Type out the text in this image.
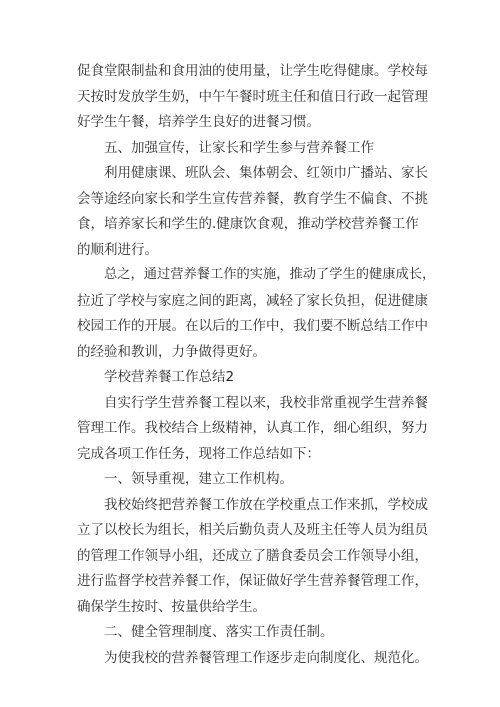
促食堂限制盐和食用油的使用量，让学生吃得健康。学校每
天按时发放学生奶，中午午餐时班主任和值日行政一起管理
好学生午餐，培养学生良好的进餐习惯。
五、加强宣传，让家长和学生参与营养餐工作
利用健康课、班队会、集体朝会、红领巾广播站、家长
会等途经向家长和学生宣传营养餐，教育学生不偏食、不挑
食，培养家长和学生的.健康饮食观，推动学校营养餐工作
的顺利进行。
总之，通过营养餐工作的实施，推动了学生的健康成长，
拉近了学校与家庭之间的距离，减轻了家长负担，促进健康
校园工作的开展。在以后的工作中，我们要不断总结工作中
的经验和教训，力争做得更好。
学校营养餐工作总结2
自实行学生营养餐工程以来，我校非常重视学生营养餐
管理工作。我校结合上级精神，认真工作，细心组织，努力
完成各项工作任务，现将工作总结如下：
一、领导重视，建立工作机构。
我校始终把营养餐工作放在学校重点工作来抓，学校成
立了以校长为组长，相关后勤负责人及班主任等人员为组员
的管理工作领导小组，还成立了膳食委员会工作领导小组，
进行监督学校营养餐工作，保证做好学生营养餐管理工作，
确保学生按时、按量供给学生。
二、健全管理制度、落实工作责任制。
为使我校的营养餐管理工作逐步走向制度化、规范化。
